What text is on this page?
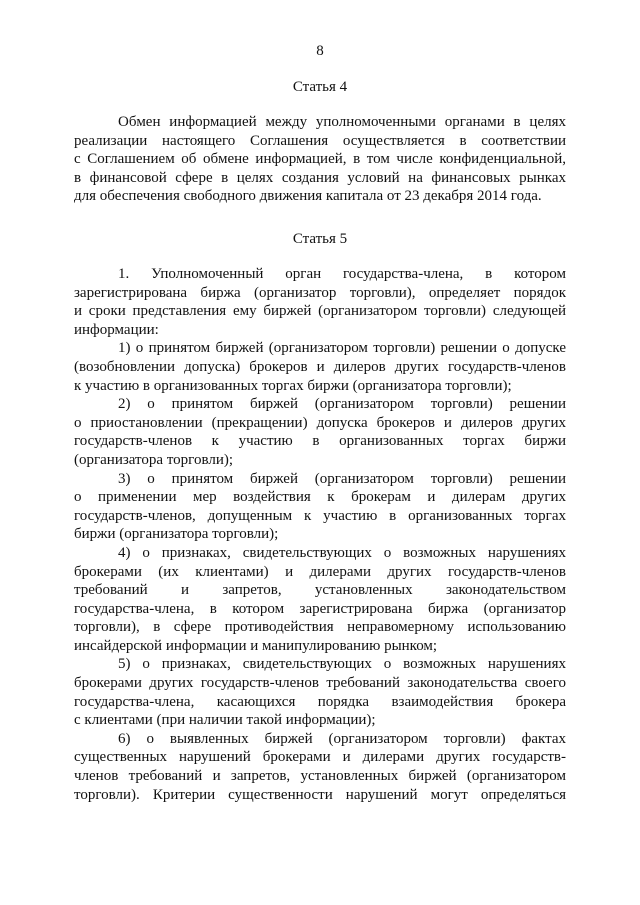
8
Статья 4
Обмен информацией между уполномоченными органами в целях
реализации настоящего Соглашения осуществляется в соответствии
с Соглашением об обмене информацией, в том числе конфиденциальной,
в финансовой сфере в целях создания условий на финансовых рынках
для обеспечения свободного движения капитала от 23 декабря 2014 года.
Статья 5
1. Уполномоченный орган государства-члена, в котором
зарегистрирована биржа (организатор торговли), определяет порядок
и сроки представления ему биржей (организатором торговли) следующей
информации:
1) о принятом биржей (организатором торговли) решении о допуске
(возобновлении допуска) брокеров и дилеров других государств-членов
к участию в организованных торгах биржи (организатора торговли);
2) о принятом биржей (организатором торговли) решении
о приостановлении (прекращении) допуска брокеров и дилеров других
государств-членов к участию в организованных торгах биржи
(организатора торговли);
3) о принятом биржей (организатором торговли) решении
о применении мер воздействия к брокерам и дилерам других
государств-членов, допущенным к участию в организованных торгах
биржи (организатора торговли);
4) о признаках, свидетельствующих о возможных нарушениях
брокерами (их клиентами) и дилерами других государств-членов
требований и запретов, установленных законодательством
государства-члена, в котором зарегистрирована биржа (организатор
торговли), в сфере противодействия неправомерному использованию
инсайдерской информации и манипулированию рынком;
5) о признаках, свидетельствующих о возможных нарушениях
брокерами других государств-членов требований законодательства своего
государства-члена, касающихся порядка взаимодействия брокера
с клиентами (при наличии такой информации);
6) о выявленных биржей (организатором торговли) фактах
существенных нарушений брокерами и дилерами других государств-
членов требований и запретов, установленных биржей (организатором
торговли). Критерии существенности нарушений могут определяться
